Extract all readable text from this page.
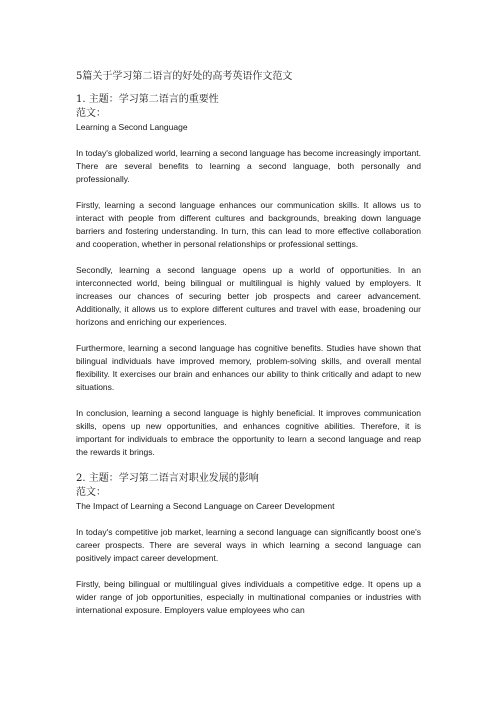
5篇关于学习第二语言的好处的高考英语作文范文

1. 主题：学习第二语言的重要性

范文：

Learning a Second Language

In today's globalized world, learning a second language has become increasingly important. There are several benefits to learning a second language, both personally and professionally.

Firstly, learning a second language enhances our communication skills. It allows us to interact with people from different cultures and backgrounds, breaking down language barriers and fostering understanding. In turn, this can lead to more effective collaboration and cooperation, whether in personal relationships or professional settings.

Secondly, learning a second language opens up a world of opportunities. In an interconnected world, being bilingual or multilingual is highly valued by employers. It increases our chances of securing better job prospects and career advancement. Additionally, it allows us to explore different cultures and travel with ease, broadening our horizons and enriching our experiences.

Furthermore, learning a second language has cognitive benefits. Studies have shown that bilingual individuals have improved memory, problem-solving skills, and overall mental flexibility. It exercises our brain and enhances our ability to think critically and adapt to new situations.

In conclusion, learning a second language is highly beneficial. It improves communication skills, opens up new opportunities, and enhances cognitive abilities. Therefore, it is important for individuals to embrace the opportunity to learn a second language and reap the rewards it brings.

2. 主题：学习第二语言对职业发展的影响

范文：

The Impact of Learning a Second Language on Career Development

In today's competitive job market, learning a second language can significantly boost one's career prospects. There are several ways in which learning a second language can positively impact career development.

Firstly, being bilingual or multilingual gives individuals a competitive edge. It opens up a wider range of job opportunities, especially in multinational companies or industries with international exposure. Employers value employees who can
